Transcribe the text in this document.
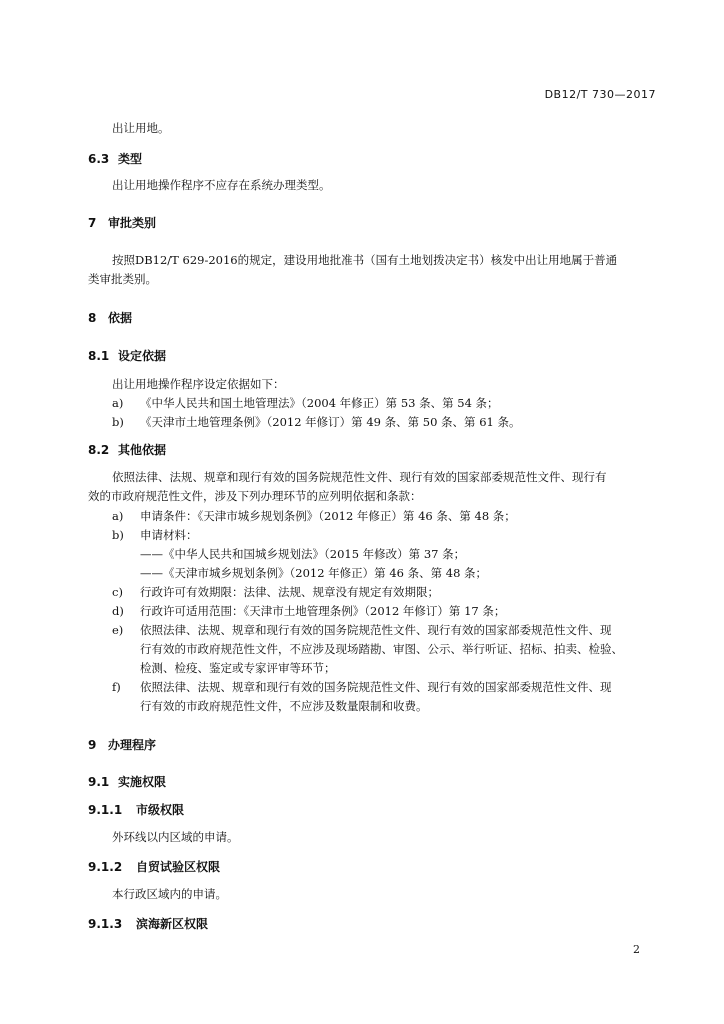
DB12/T 730—2017
出让用地。
6.3 类型
出让用地操作程序不应存在系统办理类型。
7 审批类别
按照DB12/T 629-2016的规定，建设用地批准书（国有土地划拨决定书）核发中出让用地属于普通
类审批类别。
8 依据
8.1 设定依据
出让用地操作程序设定依据如下：
a) 《中华人民共和国土地管理法》（2004 年修正）第 53 条、第 54 条；
b) 《天津市土地管理条例》（2012 年修订）第 49 条、第 50 条、第 61 条。
8.2 其他依据
依照法律、法规、规章和现行有效的国务院规范性文件、现行有效的国家部委规范性文件、现行有
效的市政府规范性文件，涉及下列办理环节的应列明依据和条款：
a) 申请条件：《天津市城乡规划条例》（2012 年修正）第 46 条、第 48 条；
b) 申请材料：
——《中华人民共和国城乡规划法》（2015 年修改）第 37 条；
——《天津市城乡规划条例》（2012 年修正）第 46 条、第 48 条；
c) 行政许可有效期限：法律、法规、规章没有规定有效期限；
d) 行政许可适用范围：《天津市土地管理条例》（2012 年修订）第 17 条；
e) 依照法律、法规、规章和现行有效的国务院规范性文件、现行有效的国家部委规范性文件、现
行有效的市政府规范性文件，不应涉及现场踏勘、审图、公示、举行听证、招标、拍卖、检验、
检测、检疫、鉴定或专家评审等环节；
f) 依照法律、法规、规章和现行有效的国务院规范性文件、现行有效的国家部委规范性文件、现
行有效的市政府规范性文件，不应涉及数量限制和收费。
9 办理程序
9.1 实施权限
9.1.1 市级权限
外环线以内区域的申请。
9.1.2 自贸试验区权限
本行政区域内的申请。
9.1.3 滨海新区权限
2
